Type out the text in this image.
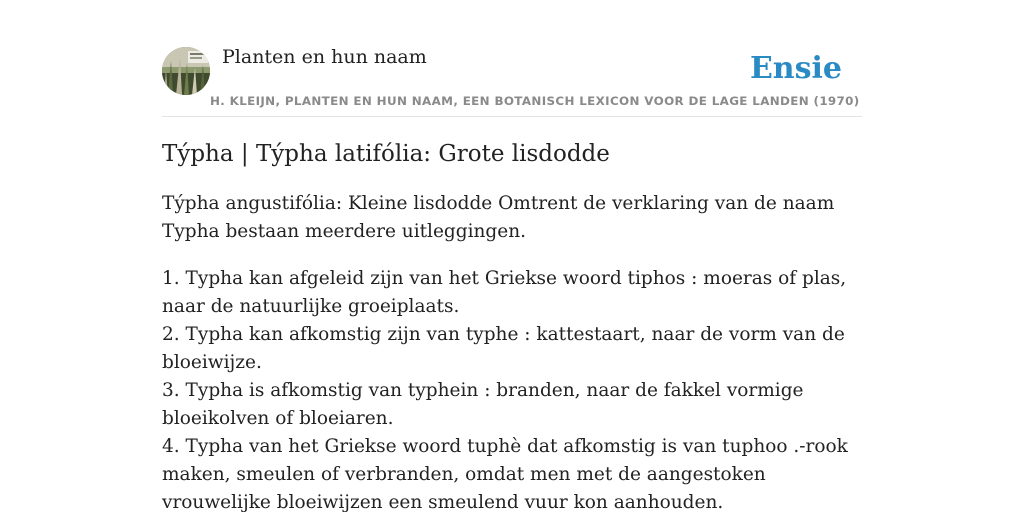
Planten en hun naam	Ensie
H. KLEIJN, PLANTEN EN HUN NAAM, EEN BOTANISCH LEXICON VOOR DE LAGE LANDEN (1970)
Týpha | Týpha latifólia: Grote lisdodde

Týpha angustifólia: Kleine lisdodde Omtrent de verklaring van de naam Typha bestaan meerdere uitleggingen.

1. Typha kan afgeleid zijn van het Griekse woord tiphos : moeras of plas, naar de natuurlijke groeiplaats.
2. Typha kan afkomstig zijn van typhe : kattestaart, naar de vorm van de bloeiwijze.
3. Typha is afkomstig van typhein : branden, naar de fakkel vormige bloeikolven of bloeiaren.
4. Typha van het Griekse woord tuphè dat afkomstig is van tuphoo .-rook maken, smeulen of verbranden, omdat men met de aangestoken vrouwelijke bloeiwijzen een smeulend vuur kon aanhouden.
